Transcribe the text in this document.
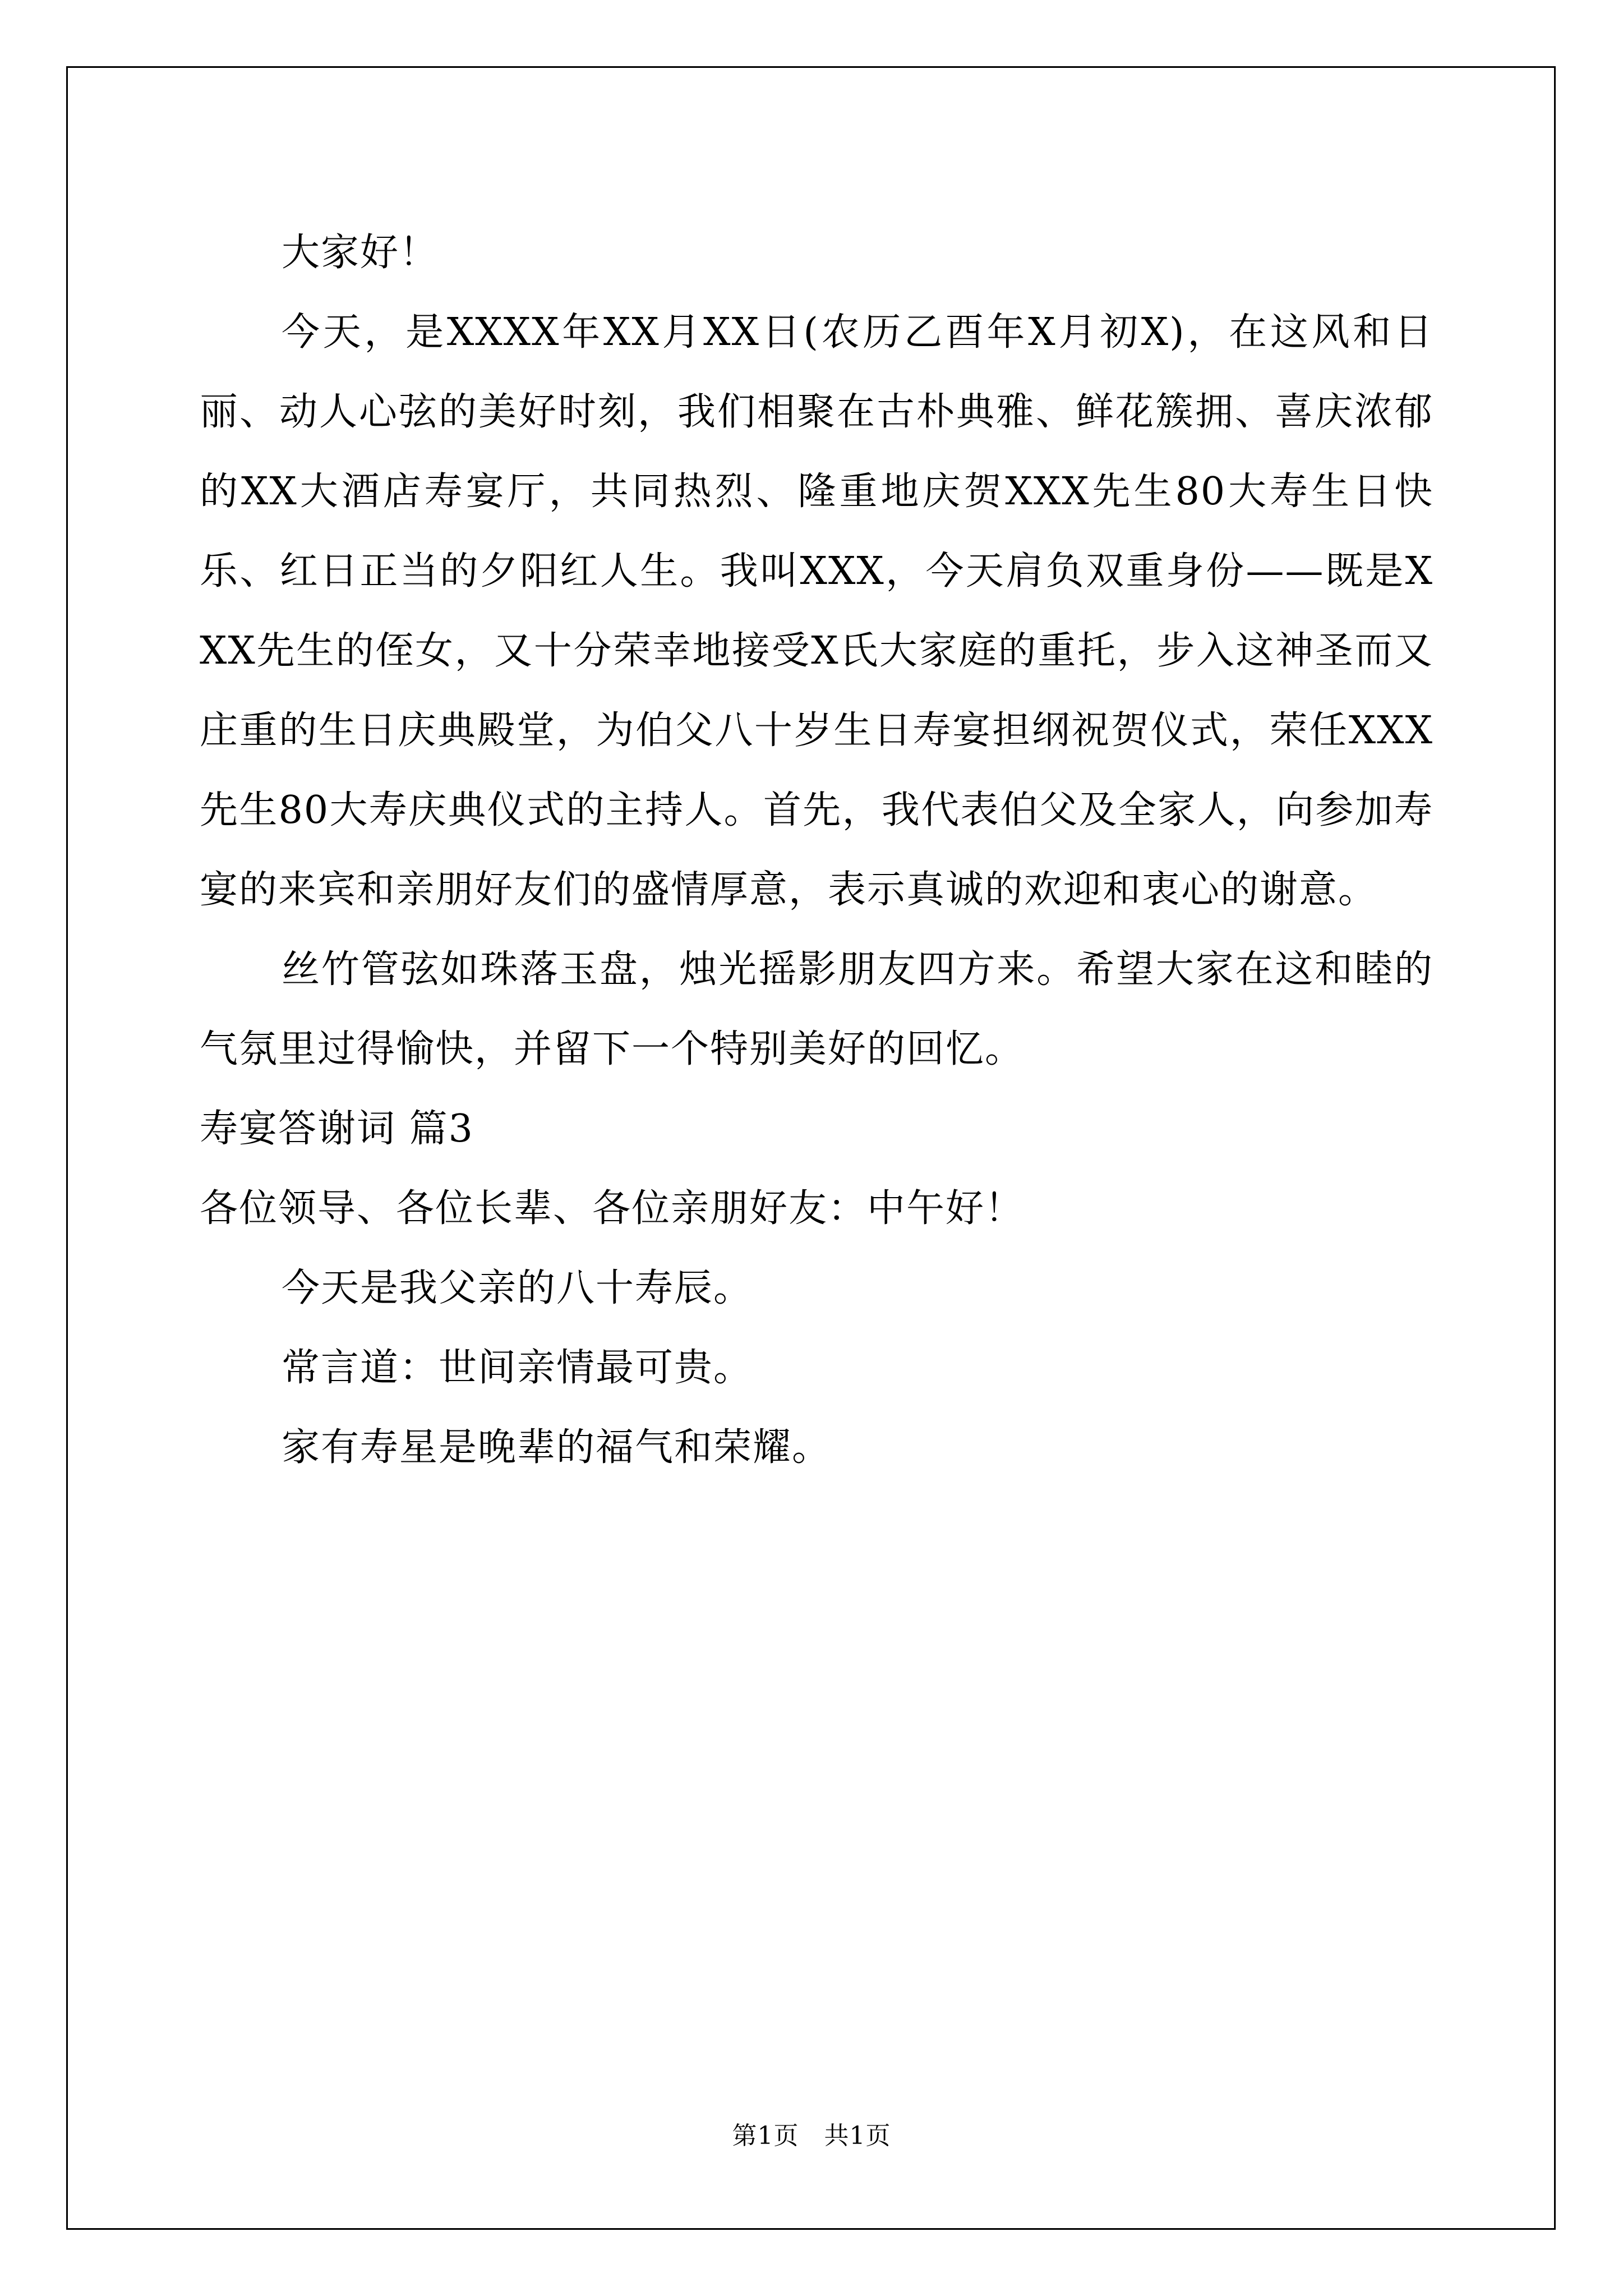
大家好！

今天，是XXXX年XX月XX日(农历乙酉年X月初X)，在这风和日丽、动人心弦的美好时刻，我们相聚在古朴典雅、鲜花簇拥、喜庆浓郁的XX大酒店寿宴厅，共同热烈、隆重地庆贺XXX先生80大寿生日快乐、红日正当的夕阳红人生。我叫XXX，今天肩负双重身份——既是XXX先生的侄女，又十分荣幸地接受X氏大家庭的重托，步入这神圣而又庄重的生日庆典殿堂，为伯父八十岁生日寿宴担纲祝贺仪式，荣任XXX先生80大寿庆典仪式的主持人。首先，我代表伯父及全家人，向参加寿宴的来宾和亲朋好友们的盛情厚意，表示真诚的欢迎和衷心的谢意。

丝竹管弦如珠落玉盘，烛光摇影朋友四方来。希望大家在这和睦的气氛里过得愉快，并留下一个特别美好的回忆。

寿宴答谢词 篇3

各位领导、各位长辈、各位亲朋好友：中午好！

今天是我父亲的八十寿辰。

常言道：世间亲情最可贵。

家有寿星是晚辈的福气和荣耀。

第1页　共1页
